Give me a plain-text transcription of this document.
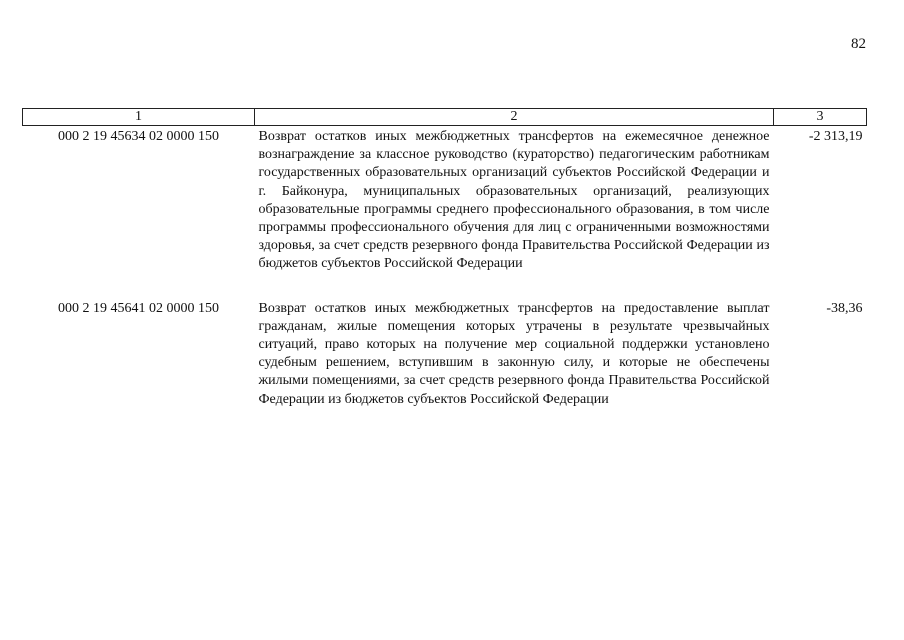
82
1	2	3
000 2 19 45634 02 0000 150	Возврат остатков иных межбюджетных трансфертов на ежемесячное денежное вознаграждение за классное руководство (кураторство) педагогическим работникам государственных образовательных организаций субъектов Российской Федерации и г. Байконура, муниципальных образовательных организаций, реализующих образовательные программы среднего профессионального образования, в том числе программы профессионального обучения для лиц с ограниченными возможностями здоровья, за счет средств резервного фонда Правительства Российской Федерации из бюджетов субъектов Российской Федерации	-2 313,19
000 2 19 45641 02 0000 150	Возврат остатков иных межбюджетных трансфертов на предоставление выплат гражданам, жилые помещения которых утрачены в результате чрезвычайных ситуаций, право которых на получение мер социальной поддержки установлено судебным решением, вступившим в законную силу, и которые не обеспечены жилыми помещениями, за счет средств резервного фонда Правительства Российской Федерации из бюджетов субъектов Российской Федерации	-38,36
